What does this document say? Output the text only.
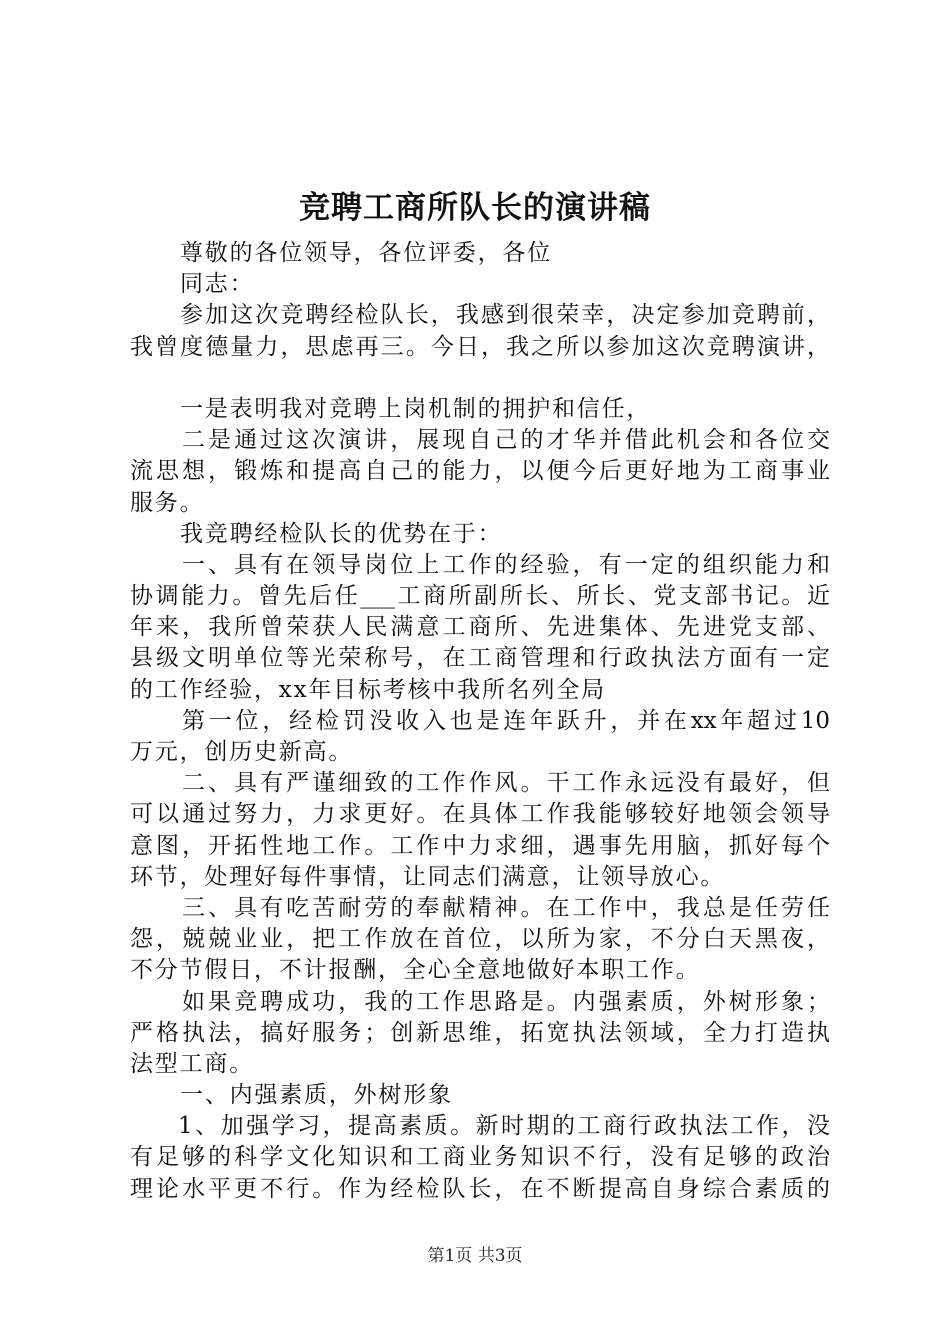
竞聘工商所队长的演讲稿
尊敬的各位领导，各位评委，各位
同志：
参加这次竞聘经检队长，我感到很荣幸，决定参加竞聘前，
我曾度德量力，思虑再三。今日，我之所以参加这次竞聘演讲，
一是表明我对竞聘上岗机制的拥护和信任，
二是通过这次演讲，展现自己的才华并借此机会和各位交
流思想，锻炼和提高自己的能力，以便今后更好地为工商事业
服务。
我竞聘经检队长的优势在于：
一、具有在领导岗位上工作的经验，有一定的组织能力和
协调能力。曾先后任___工商所副所长、所长、党支部书记。近
年来，我所曾荣获人民满意工商所、先进集体、先进党支部、
县级文明单位等光荣称号，在工商管理和行政执法方面有一定
的工作经验，xx年目标考核中我所名列全局
第一位，经检罚没收入也是连年跃升，并在xx年超过10
万元，创历史新高。
二、具有严谨细致的工作作风。干工作永远没有最好，但
可以通过努力，力求更好。在具体工作我能够较好地领会领导
意图，开拓性地工作。工作中力求细，遇事先用脑，抓好每个
环节，处理好每件事情，让同志们满意，让领导放心。
三、具有吃苦耐劳的奉献精神。在工作中，我总是任劳任
怨，兢兢业业，把工作放在首位，以所为家，不分白天黑夜，
不分节假日，不计报酬，全心全意地做好本职工作。
如果竞聘成功，我的工作思路是。内强素质，外树形象；
严格执法，搞好服务；创新思维，拓宽执法领域，全力打造执
法型工商。
一、内强素质，外树形象
1、加强学习，提高素质。新时期的工商行政执法工作，没
有足够的科学文化知识和工商业务知识不行，没有足够的政治
理论水平更不行。作为经检队长，在不断提高自身综合素质的
第1页 共3页
